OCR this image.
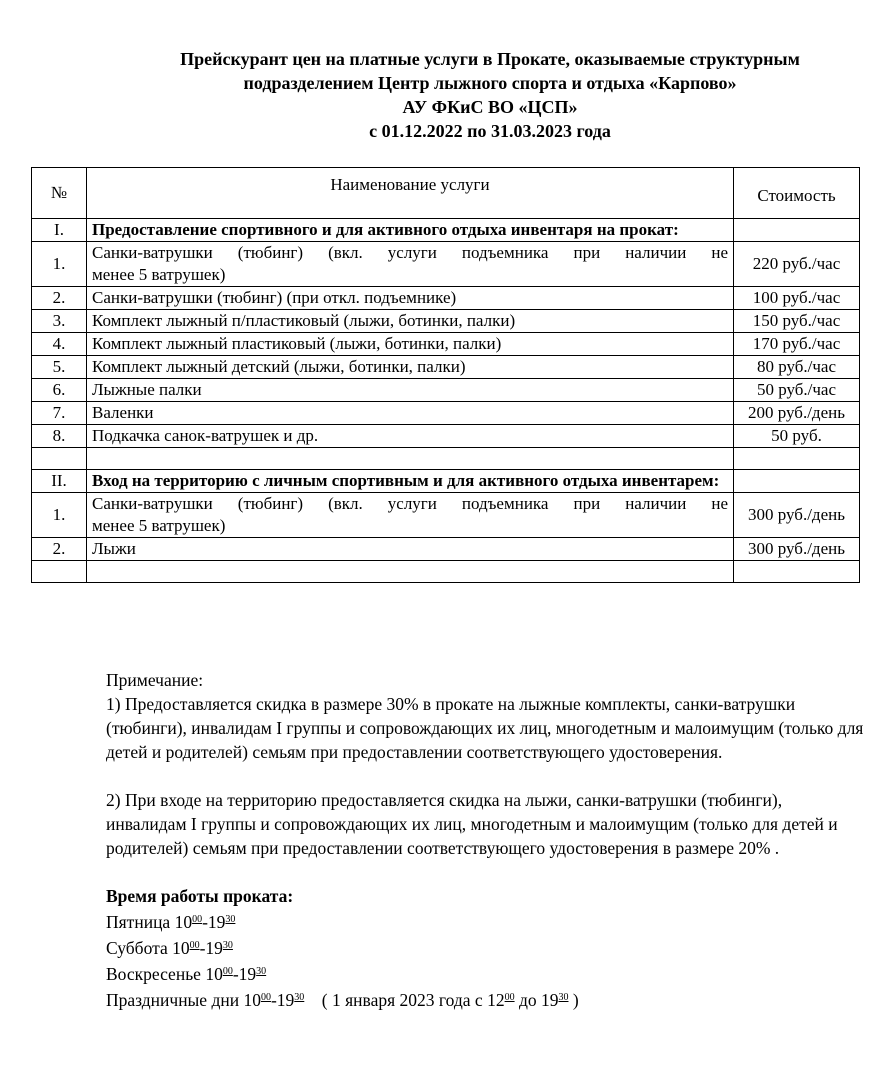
Прейскурант цен на платные услуги в Прокате, оказываемые структурным
подразделением Центр лыжного спорта и отдыха «Карпово»
АУ ФКиС ВО «ЦСП»
с 01.12.2022 по 31.03.2023 года
№	Наименование услуги	Стоимость
I.	Предоставление спортивного и для активного отдыха инвентаря на прокат:	
1.	Санки-ватрушки (тюбинг) (вкл. услуги подъемника при наличии не
менее 5 ватрушек)	220 руб./час
2.	Санки-ватрушки (тюбинг) (при откл. подъемнике)	100 руб./час
3.	Комплект лыжный п/пластиковый (лыжи, ботинки, палки)	150 руб./час
4.	Комплект лыжный пластиковый (лыжи, ботинки, палки)	170 руб./час
5.	Комплект лыжный детский (лыжи, ботинки, палки)	80 руб./час
6.	Лыжные палки	50 руб./час
7.	Валенки	200 руб./день
8.	Подкачка санок-ватрушек и др.	50 руб.

II.	Вход на территорию с личным спортивным и для активного отдыха инвентарем:	
1.	Санки-ватрушки (тюбинг) (вкл. услуги подъемника при наличии не
менее 5 ватрушек)	300 руб./день
2.	Лыжи	300 руб./день

Примечание:

1) Предоставляется скидка в размере 30% в прокате на лыжные комплекты, санки-ватрушки (тюбинги), инвалидам I группы и сопровождающих их лиц, многодетным и малоимущим (только для детей и родителей) семьям при предоставлении соответствующего удостоверения.

2) При входе на территорию предоставляется скидка на лыжи, санки-ватрушки (тюбинги), инвалидам I группы и сопровождающих их лиц, многодетным и малоимущим (только для детей и родителей) семьям при предоставлении соответствующего удостоверения в размере 20% .

Время работы проката:

Пятница $10^{00}-19^{30}$

Суббота $10^{00}-19^{30}$

Воскресенье $10^{00}-19^{30}$

Праздничные дни $10^{00}-19^{30}$ ( 1 января 2023 года с $12^{00}$ до $19^{30}$ )
